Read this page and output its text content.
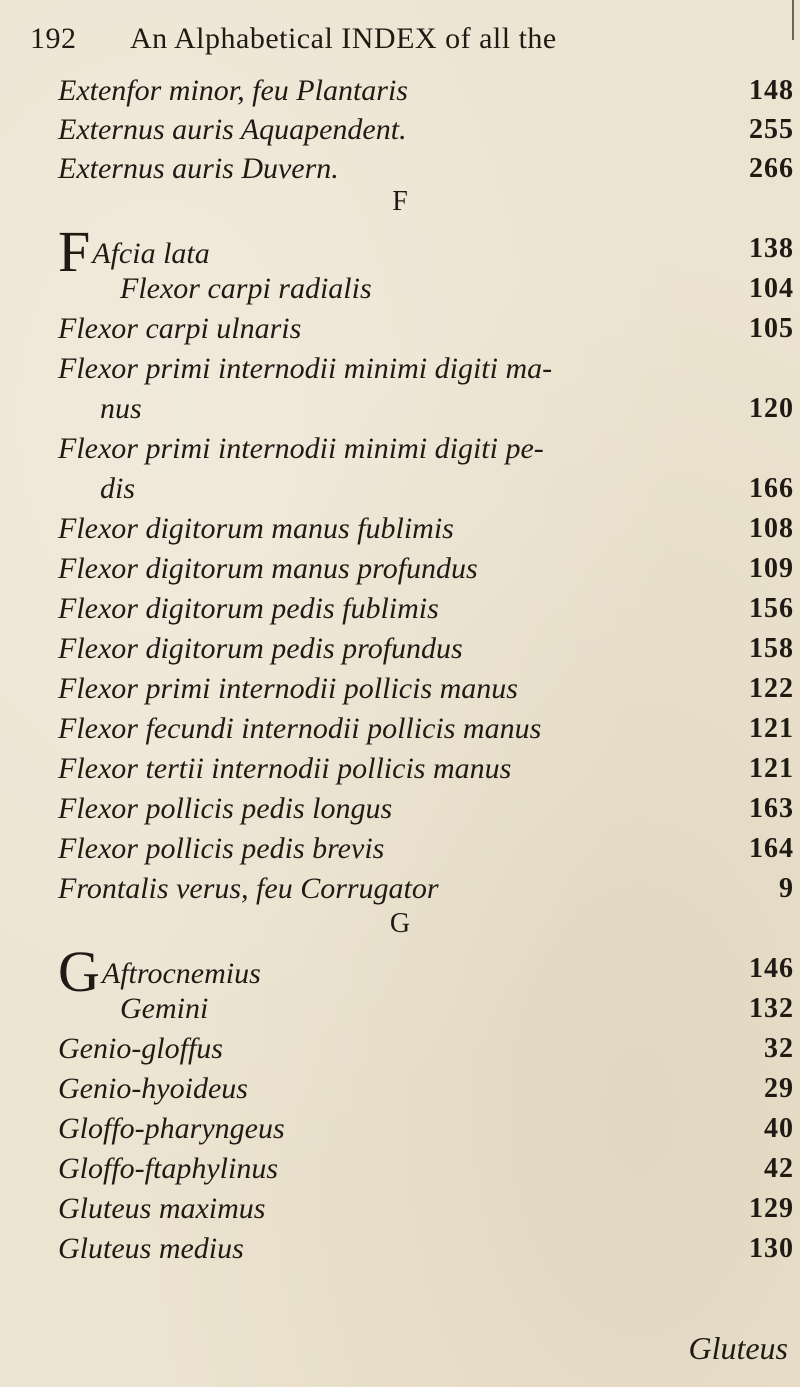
192 An Alphabetical INDEX of all the
Extenfor minor, feu Plantaris	148
Externus auris Aquapendent.	255
Externus auris Duvern.	266
F
FAfcia lata	138
Flexor carpi radialis	104
Flexor carpi ulnaris	105
Flexor primi internodii minimi digiti ma-
nus	120
Flexor primi internodii minimi digiti pe-
dis	166
Flexor digitorum manus fublimis	108
Flexor digitorum manus profundus	109
Flexor digitorum pedis fublimis	156
Flexor digitorum pedis profundus	158
Flexor primi internodii pollicis manus	122
Flexor fecundi internodii pollicis manus	121
Flexor tertii internodii pollicis manus	121
Flexor pollicis pedis longus	163
Flexor pollicis pedis brevis	164
Frontalis verus, feu Corrugator	9
G
GAftrocnemius	146
Gemini	132
Genio-gloffus	32
Genio-hyoideus	29
Gloffo-pharyngeus	40
Gloffo-ftaphylinus	42
Gluteus maximus	129
Gluteus medius	130
Gluteus
